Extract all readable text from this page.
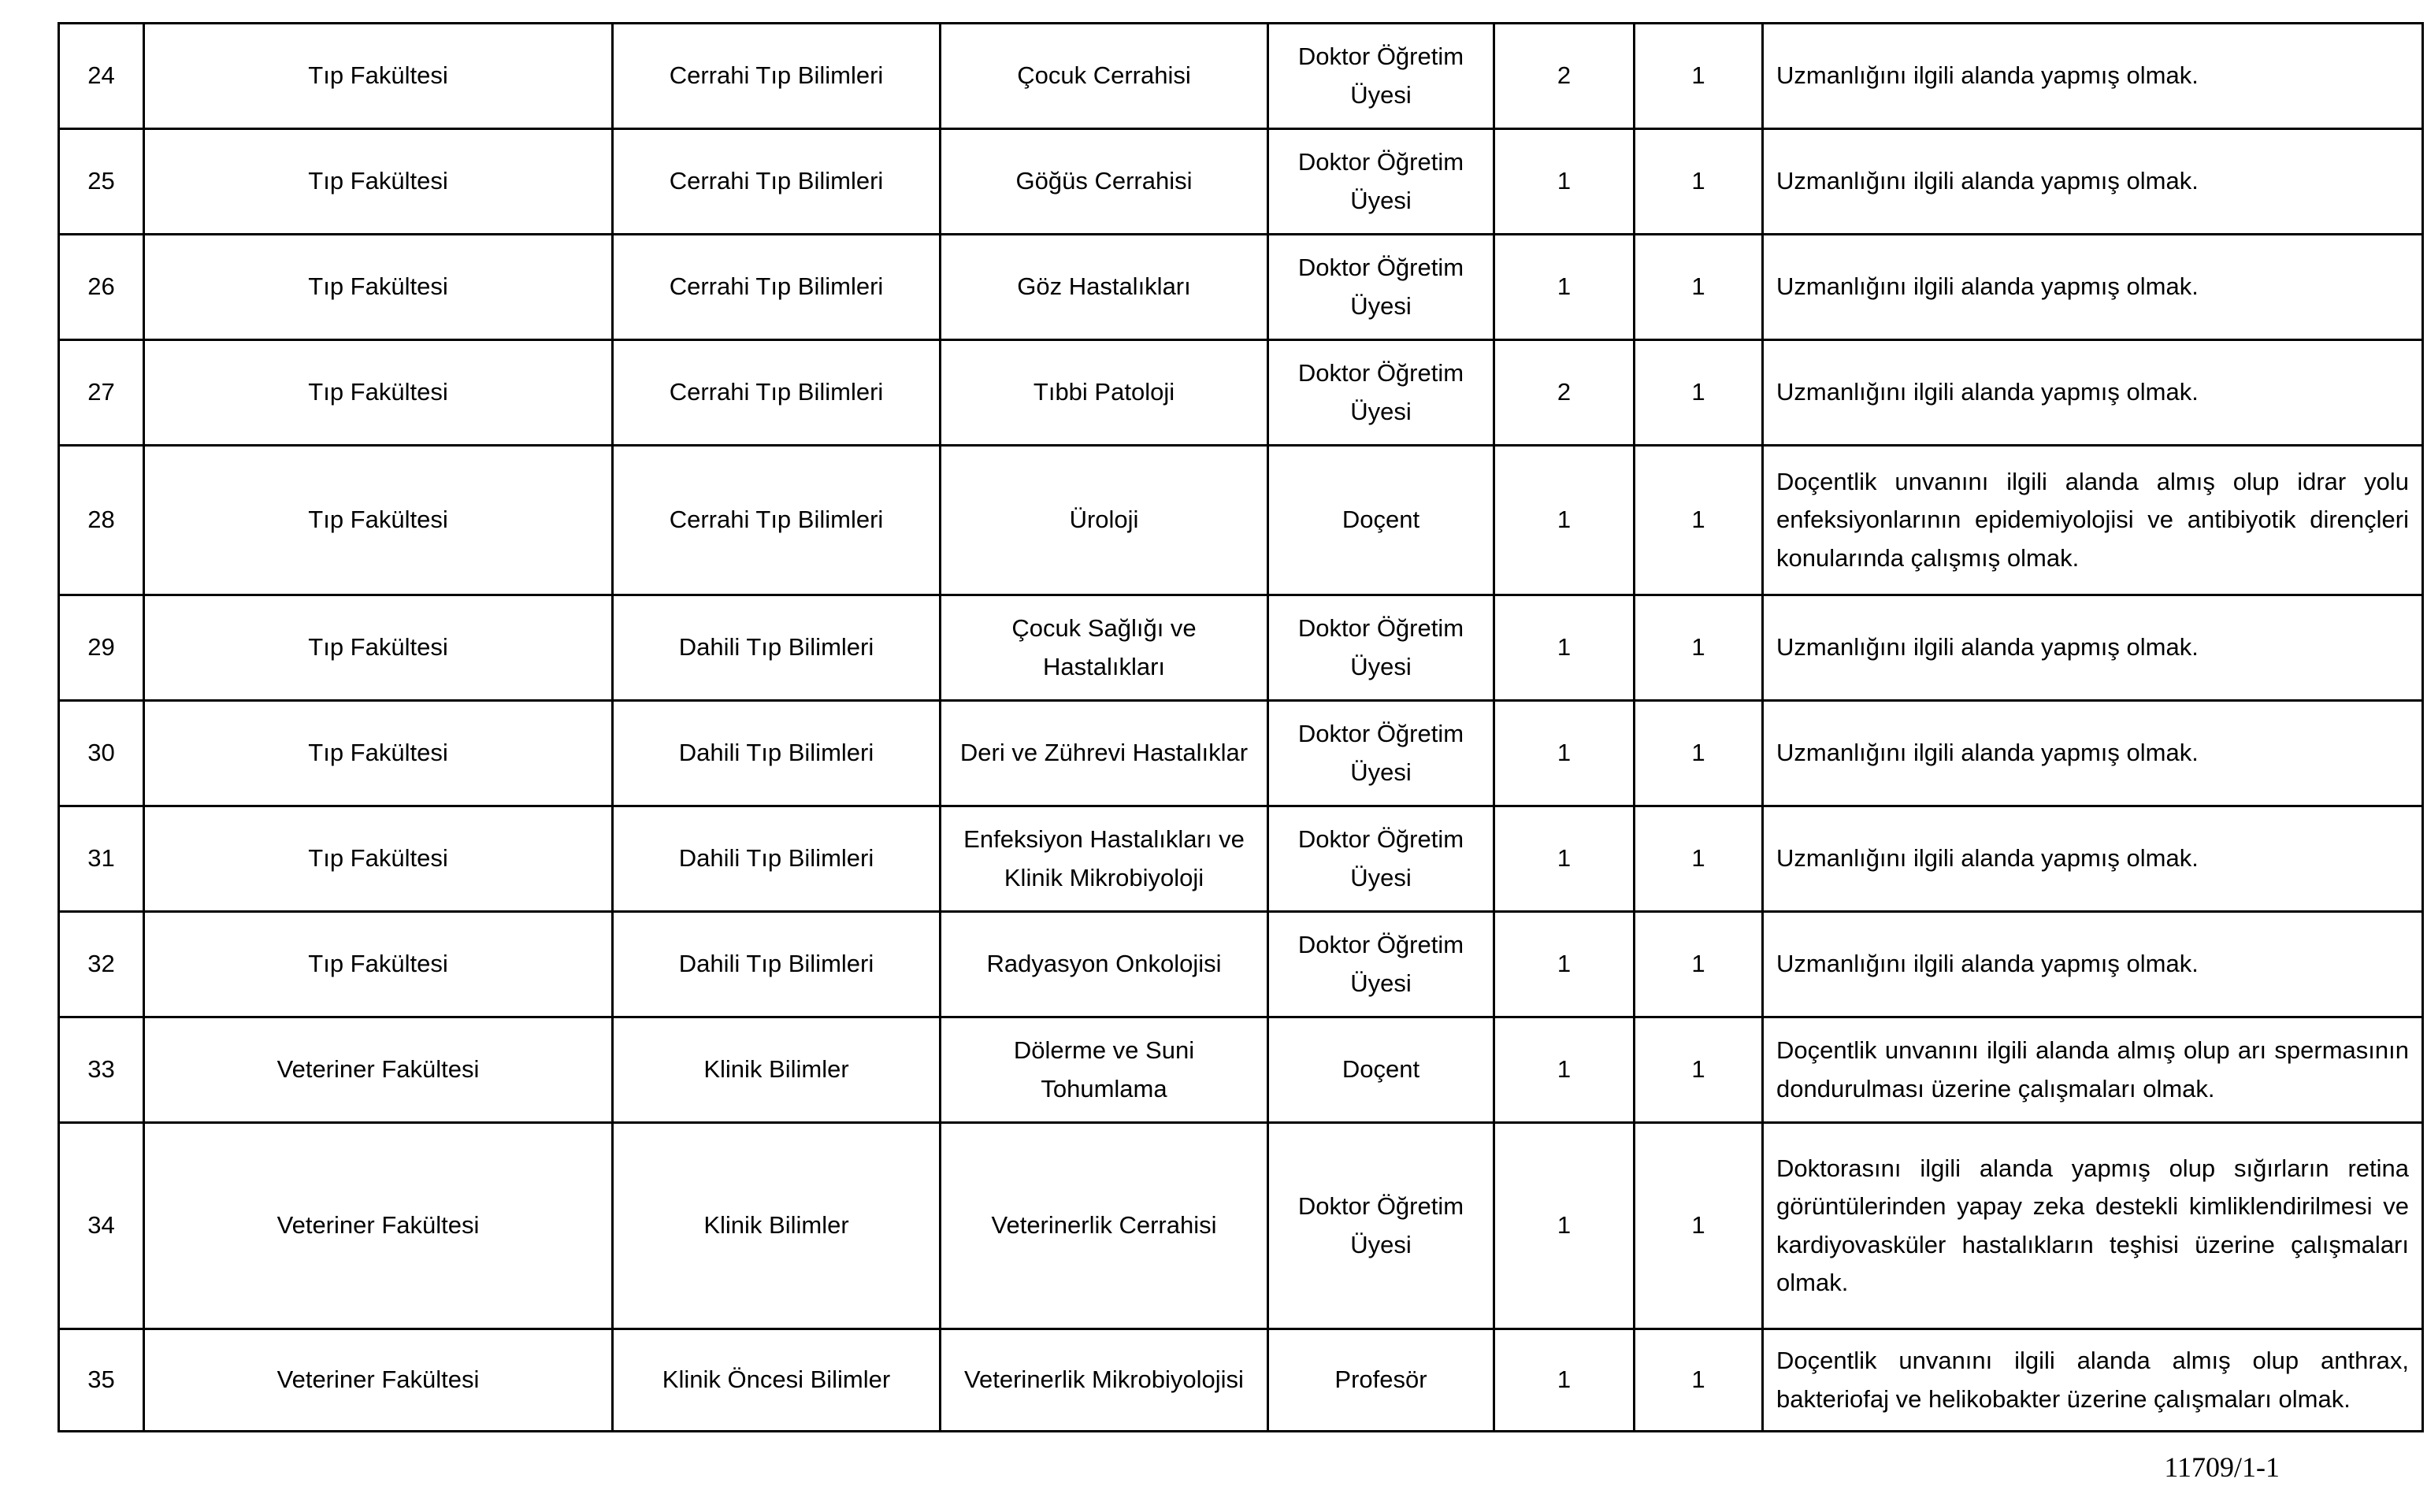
24	Tıp Fakültesi	Cerrahi Tıp Bilimleri	Çocuk Cerrahisi	Doktor Öğretim Üyesi	2	1	Uzmanlığını ilgili alanda yapmış olmak.
25	Tıp Fakültesi	Cerrahi Tıp Bilimleri	Göğüs Cerrahisi	Doktor Öğretim Üyesi	1	1	Uzmanlığını ilgili alanda yapmış olmak.
26	Tıp Fakültesi	Cerrahi Tıp Bilimleri	Göz Hastalıkları	Doktor Öğretim Üyesi	1	1	Uzmanlığını ilgili alanda yapmış olmak.
27	Tıp Fakültesi	Cerrahi Tıp Bilimleri	Tıbbi Patoloji	Doktor Öğretim Üyesi	2	1	Uzmanlığını ilgili alanda yapmış olmak.
28	Tıp Fakültesi	Cerrahi Tıp Bilimleri	Üroloji	Doçent	1	1	Doçentlik unvanını ilgili alanda almış olup idrar yolu enfeksiyonlarının epidemiyolojisi ve antibiyotik dirençleri konularında çalışmış olmak.
29	Tıp Fakültesi	Dahili Tıp Bilimleri	Çocuk Sağlığı ve Hastalıkları	Doktor Öğretim Üyesi	1	1	Uzmanlığını ilgili alanda yapmış olmak.
30	Tıp Fakültesi	Dahili Tıp Bilimleri	Deri ve Zührevi Hastalıklar	Doktor Öğretim Üyesi	1	1	Uzmanlığını ilgili alanda yapmış olmak.
31	Tıp Fakültesi	Dahili Tıp Bilimleri	Enfeksiyon Hastalıkları ve Klinik Mikrobiyoloji	Doktor Öğretim Üyesi	1	1	Uzmanlığını ilgili alanda yapmış olmak.
32	Tıp Fakültesi	Dahili Tıp Bilimleri	Radyasyon Onkolojisi	Doktor Öğretim Üyesi	1	1	Uzmanlığını ilgili alanda yapmış olmak.
33	Veteriner Fakültesi	Klinik Bilimler	Dölerme ve Suni Tohumlama	Doçent	1	1	Doçentlik unvanını ilgili alanda almış olup arı spermasının dondurulması üzerine çalışmaları olmak.
34	Veteriner Fakültesi	Klinik Bilimler	Veterinerlik Cerrahisi	Doktor Öğretim Üyesi	1	1	Doktorasını ilgili alanda yapmış olup sığırların retina görüntülerinden yapay zeka destekli kimliklendirilmesi ve kardiyovasküler hastalıkların teşhisi üzerine çalışmaları olmak.
35	Veteriner Fakültesi	Klinik Öncesi Bilimler	Veterinerlik Mikrobiyolojisi	Profesör	1	1	Doçentlik unvanını ilgili alanda almış olup anthrax, bakteriofaj ve helikobakter üzerine çalışmaları olmak.
11709/1-1
